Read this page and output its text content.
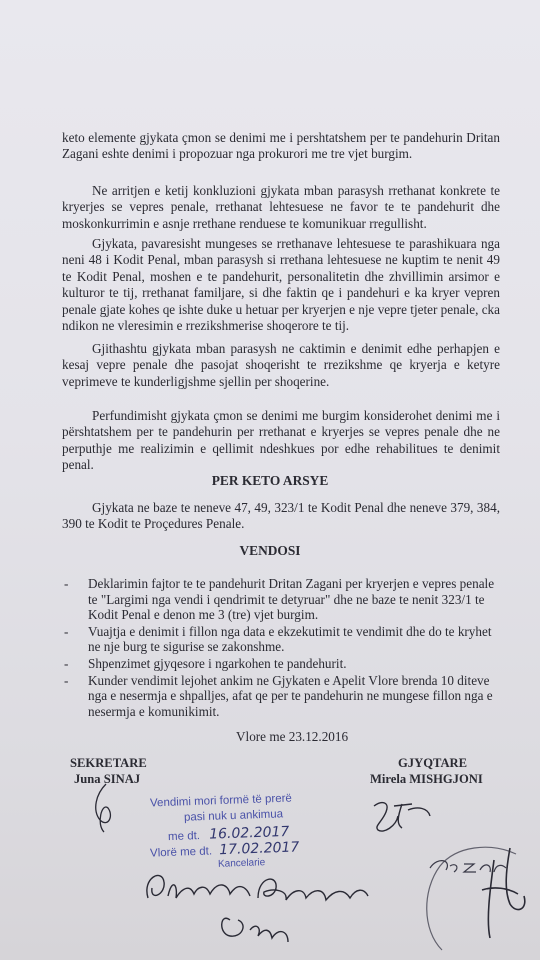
keto elemente gjykata çmon se denimi me i pershtatshem per te pandehurin Dritan Zagani eshte denimi i propozuar nga prokurori me tre vjet burgim.

Ne arritjen e ketij konkluzioni gjykata mban parasysh rrethanat konkrete te kryerjes se vepres penale, rrethanat lehtesuese ne favor te te pandehurit dhe moskonkurrimin e asnje rrethane renduese te komunikuar rregullisht.

Gjykata, pavaresisht mungeses se rrethanave lehtesuese te parashikuara nga neni 48 i Kodit Penal, mban parasysh si rrethana lehtesuese ne kuptim te nenit 49 te Kodit Penal, moshen e te pandehurit, personalitetin dhe zhvillimin arsimor e kulturor te tij, rrethanat familjare, si dhe faktin qe i pandehuri e ka kryer vepren penale gjate kohes qe ishte duke u hetuar per kryerjen e nje vepre tjeter penale, cka ndikon ne vleresimin e rrezikshmerise shoqerore te tij.

Gjithashtu gjykata mban parasysh ne caktimin e denimit edhe perhapjen e kesaj vepre penale dhe pasojat shoqerisht te rrezikshme qe kryerja e ketyre veprimeve te kunderligjshme sjellin per shoqerine.

Perfundimisht gjykata çmon se denimi me burgim konsiderohet denimi me i përshtatshem per te pandehurin per rrethanat e kryerjes se vepres penale dhe ne perputhje me realizimin e qellimit ndeshkues por edhe rehabilitues te denimit penal.

PER KETO ARSYE

Gjykata ne baze te neneve 47, 49, 323/1 te Kodit Penal dhe neneve 379, 384, 390 te Kodit te Proçedures Penale.

VENDOSI

- Deklarimin fajtor te te pandehurit Dritan Zagani per kryerjen e vepres penale te "Largimi nga vendi i qendrimit te detyruar" dhe ne baze te nenit 323/1 te Kodit Penal e denon me 3 (tre) vjet burgim.
- Vuajtja e denimit i fillon nga data e ekzekutimit te vendimit dhe do te kryhet ne nje burg te sigurise se zakonshme.
- Shpenzimet gjyqesore i ngarkohen te pandehurit.
- Kunder vendimit lejohet ankim ne Gjykaten e Apelit Vlore brenda 10 diteve nga e nesermja e shpalljes, afat qe per te pandehurin ne mungese fillon nga e nesermja e komunikimit.
Vlore me 23.12.2016
SEKRETARE
Juna SINAJ
GJYQTARE
Mirela MISHGJONI
Vendimi mori formë të prerë
pasi nuk u ankimua
me dt. 16.02.2017
Vlorë me dt. 17.02.2017
Kancelarie
